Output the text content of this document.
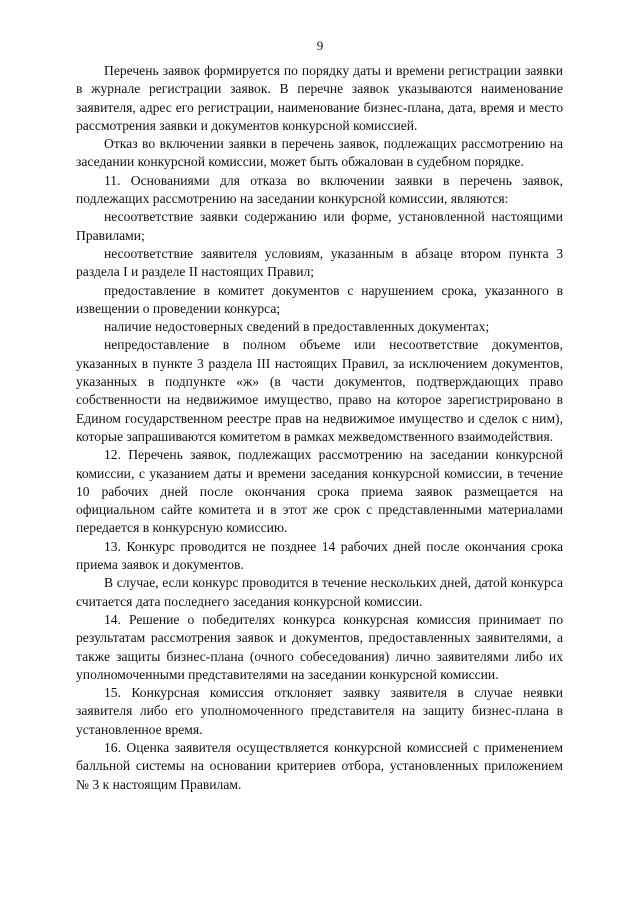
9

Перечень заявок формируется по порядку даты и времени регистрации заявки в журнале регистрации заявок. В перечне заявок указываются наименование заявителя, адрес его регистрации, наименование бизнес-плана, дата, время и место рассмотрения заявки и документов конкурсной комиссией.

Отказ во включении заявки в перечень заявок, подлежащих рассмотрению на заседании конкурсной комиссии, может быть обжалован в судебном порядке.

11. Основаниями для отказа во включении заявки в перечень заявок, подлежащих рассмотрению на заседании конкурсной комиссии, являются:

несоответствие заявки содержанию или форме, установленной настоящими Правилами;

несоответствие заявителя условиям, указанным в абзаце втором пункта 3 раздела I и разделе II настоящих Правил;

предоставление в комитет документов с нарушением срока, указанного в извещении о проведении конкурса;

наличие недостоверных сведений в предоставленных документах;

непредоставление в полном объеме или несоответствие документов, указанных в пункте 3 раздела III настоящих Правил, за исключением документов, указанных в подпункте «ж» (в части документов, подтверждающих право собственности на недвижимое имущество, право на которое зарегистрировано в Едином государственном реестре прав на недвижимое имущество и сделок с ним), которые запрашиваются комитетом в рамках межведомственного взаимодействия.

12. Перечень заявок, подлежащих рассмотрению на заседании конкурсной комиссии, с указанием даты и времени заседания конкурсной комиссии, в течение 10 рабочих дней после окончания срока приема заявок размещается на официальном сайте комитета и в этот же срок с представленными материалами передается в конкурсную комиссию.

13. Конкурс проводится не позднее 14 рабочих дней после окончания срока приема заявок и документов.

В случае, если конкурс проводится в течение нескольких дней, датой конкурса считается дата последнего заседания конкурсной комиссии.

14. Решение о победителях конкурса конкурсная комиссия принимает по результатам рассмотрения заявок и документов, предоставленных заявителями, а также защиты бизнес-плана (очного собеседования) лично заявителями либо их уполномоченными представителями на заседании конкурсной комиссии.

15. Конкурсная комиссия отклоняет заявку заявителя в случае неявки заявителя либо его уполномоченного представителя на защиту бизнес-плана в установленное время.

16. Оценка заявителя осуществляется конкурсной комиссией с применением балльной системы на основании критериев отбора, установленных приложением № 3 к настоящим Правилам.
